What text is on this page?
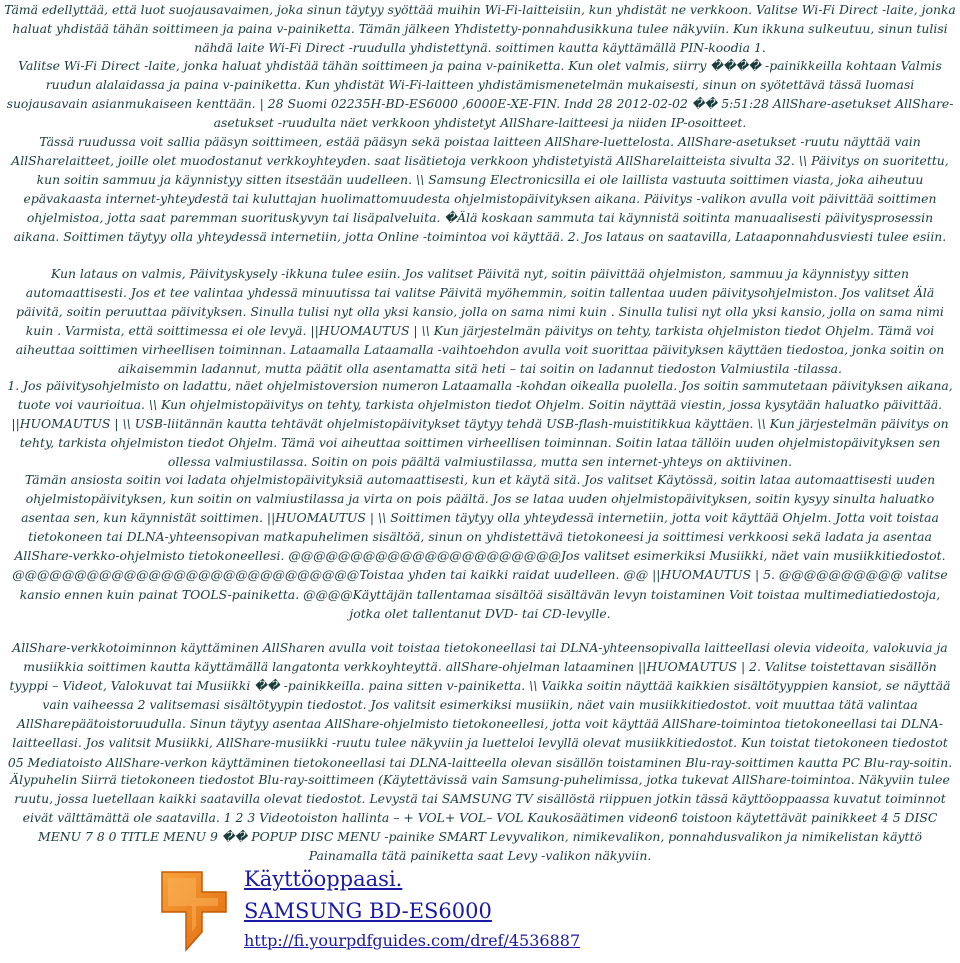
Tämä edellyttää, että luot suojausavaimen, joka sinun täytyy syöttää muihin Wi-Fi-laitteisiin, kun yhdistät ne verkkoon. Valitse Wi-Fi Direct -laite, jonka haluat yhdistää tähän soittimeen ja paina v-painiketta. Tämän jälkeen Yhdistetty-ponnahdusikkuna tulee näkyviin. Kun ikkuna sulkeutuu, sinun tulisi nähdä laite Wi-Fi Direct -ruudulla yhdistettynä. soittimen kautta käyttämällä PIN-koodia 1.
Valitse Wi-Fi Direct -laite, jonka haluat yhdistää tähän soittimeen ja paina v-painiketta. Kun olet valmis, siirry ���� -painikkeilla kohtaan Valmis ruudun alalaidassa ja paina v-painiketta. Kun yhdistät Wi-Fi-laitteen yhdistämismenetelmän mukaisesti, sinun on syötettävä tässä luomasi suojausavain asianmukaiseen kenttään. | 28 Suomi 02235H-BD-ES6000 ,6000E-XE-FIN. Indd 28 2012-02-02 �� 5:51:28 AllShare-asetukset AllShare-asetukset -ruudulta näet verkkoon yhdistetyt AllShare-laitteesi ja niiden IP-osoitteet.
Tässä ruudussa voit sallia pääsyn soittimeen, estää pääsyn sekä poistaa laitteen AllShare-luettelosta. AllShare-asetukset -ruutu näyttää vain AllSharelaitteet, joille olet muodostanut verkkoyhteyden. saat lisätietoja verkkoon yhdistetyistä AllSharelaitteista sivulta 32. \\ Päivitys on suoritettu, kun soitin sammuu ja käynnistyy sitten itsestään uudelleen. \\ Samsung Electronicsilla ei ole laillista vastuuta soittimen viasta, joka aiheutuu epävakaasta internet-yhteydestä tai kuluttajan huolimattomuudesta ohjelmistopäivityksen aikana. Päivitys -valikon avulla voit päivittää soittimen ohjelmistoa, jotta saat paremman suorituskyvyn tai lisäpalveluita. �Älä koskaan sammuta tai käynnistä soitinta manuaalisesti päivitysprosessin aikana. Soittimen täytyy olla yhteydessä internetiin, jotta Online -toimintoa voi käyttää. 2. Jos lataus on saatavilla, Lataaponnahdusviesti tulee esiin.
Kun lataus on valmis, Päivityskysely -ikkuna tulee esiin. Jos valitset Päivitä nyt, soitin päivittää ohjelmiston, sammuu ja käynnistyy sitten automaattisesti. Jos et tee valintaa yhdessä minuutissa tai valitse Päivitä myöhemmin, soitin tallentaa uuden päivitysohjelmiston. Jos valitset Älä päivitä, soitin peruuttaa päivityksen. Sinulla tulisi nyt olla yksi kansio, jolla on sama nimi kuin . Sinulla tulisi nyt olla yksi kansio, jolla on sama nimi kuin . Varmista, että soittimessa ei ole levyä. ||HUOMAUTUS | \\ Kun järjestelmän päivitys on tehty, tarkista ohjelmiston tiedot Ohjelm. Tämä voi aiheuttaa soittimen virheellisen toiminnan. Lataamalla Lataamalla -vaihtoehdon avulla voit suorittaa päivityksen käyttäen tiedostoa, jonka soitin on aikaisemmin ladannut, mutta päätit olla asentamatta sitä heti – tai soitin on ladannut tiedoston Valmiustila -tilassa.
1. Jos päivitysohjelmisto on ladattu, näet ohjelmistoversion numeron Lataamalla -kohdan oikealla puolella. Jos soitin sammutetaan päivityksen aikana, tuote voi vaurioitua. \\ Kun ohjelmistopäivitys on tehty, tarkista ohjelmiston tiedot Ohjelm. Soitin näyttää viestin, jossa kysytään haluatko päivittää. ||HUOMAUTUS | \\ USB-liitännän kautta tehtävät ohjelmistopäivitykset täytyy tehdä USB-flash-muistitikkua käyttäen. \\ Kun järjestelmän päivitys on tehty, tarkista ohjelmiston tiedot Ohjelm. Tämä voi aiheuttaa soittimen virheellisen toiminnan. Soitin lataa tällöin uuden ohjelmistopäivityksen sen ollessa valmiustilassa. Soitin on pois päältä valmiustilassa, mutta sen internet-yhteys on aktiivinen.
Tämän ansiosta soitin voi ladata ohjelmistopäivityksiä automaattisesti, kun et käytä sitä. Jos valitset Käytössä, soitin lataa automaattisesti uuden ohjelmistopäivityksen, kun soitin on valmiustilassa ja virta on pois päältä. Jos se lataa uuden ohjelmistopäivityksen, soitin kysyy sinulta haluatko asentaa sen, kun käynnistät soittimen. ||HUOMAUTUS | \\ Soittimen täytyy olla yhteydessä internetiin, jotta voit käyttää Ohjelm. Jotta voit toistaa tietokoneen tai DLNA-yhteensopivan matkapuhelimen sisältöä, sinun on yhdistettävä tietokoneesi ja soittimesi verkkoosi sekä ladata ja asentaa AllShare-verkko-ohjelmisto tietokoneellesi. @@@@@@@@@@@@@@@@@@@@@@Jos valitset esimerkiksi Musiikki, näet vain musiikkitiedostot. @@@@@@@@@@@@@@@@@@@@@@@@@@@@Toistaa yhden tai kaikki raidat uudelleen. @@ ||HUOMAUTUS | 5. @@@@@@@@@@ valitse kansio ennen kuin painat TOOLS-painiketta. @@@@Käyttäjän tallentamaa sisältöä sisältävän levyn toistaminen Voit toistaa multimediatiedostoja, jotka olet tallentanut DVD- tai CD-levylle.
AllShare-verkkotoiminnon käyttäminen AllSharen avulla voit toistaa tietokoneellasi tai DLNA-yhteensopivalla laitteellasi olevia videoita, valokuvia ja musiikkia soittimen kautta käyttämällä langatonta verkkoyhteyttä. allShare-ohjelman lataaminen ||HUOMAUTUS | 2. Valitse toistettavan sisällön tyyppi – Videot, Valokuvat tai Musiikki �� -painikkeilla. paina sitten v-painiketta. \\ Vaikka soitin näyttää kaikkien sisältötyyppien kansiot, se näyttää vain vaiheessa 2 valitsemasi sisältötyypin tiedostot. Jos valitsit esimerkiksi musiikin, näet vain musiikkitiedostot. voit muuttaa tätä valintaa AllSharepäätoistoruudulla. Sinun täytyy asentaa AllShare-ohjelmisto tietokoneellesi, jotta voit käyttää AllShare-toimintoa tietokoneellasi tai DLNA-laitteellasi. Jos valitsit Musiikki, AllShare-musiikki -ruutu tulee näkyviin ja luetteloi levyllä olevat musiikkitiedostot. Kun toistat tietokoneen tiedostot 05 Mediatoisto AllShare-verkon käyttäminen tietokoneellasi tai DLNA-laitteella olevan sisällön toistaminen Blu-ray-soittimen kautta PC Blu-ray-soitin.
Älypuhelin Siirrä tietokoneen tiedostot Blu-ray-soittimeen (Käytettävissä vain Samsung-puhelimissa, jotka tukevat AllShare-toimintoa. Näkyviin tulee ruutu, jossa luetellaan kaikki saatavilla olevat tiedostot. Levystä tai SAMSUNG TV sisällöstä riippuen jotkin tässä käyttöoppaassa kuvatut toiminnot eivät välttämättä ole saatavilla. 1 2 3 Videotoiston hallinta – + VOL+ VOL– VOL Kaukosäätimen videon6 toistoon käytettävät painikkeet 4 5 DISC MENU 7 8 0 TITLE MENU 9 �� POPUP DISC MENU -painike SMART Levyvalikon, nimikevalikon, ponnahdusvalikon ja nimikelistan käyttö Painamalla tätä painiketta saat Levy -valikon näkyviin.
Käyttöoppaasi.
SAMSUNG BD-ES6000
http://fi.yourpdfguides.com/dref/4536887
